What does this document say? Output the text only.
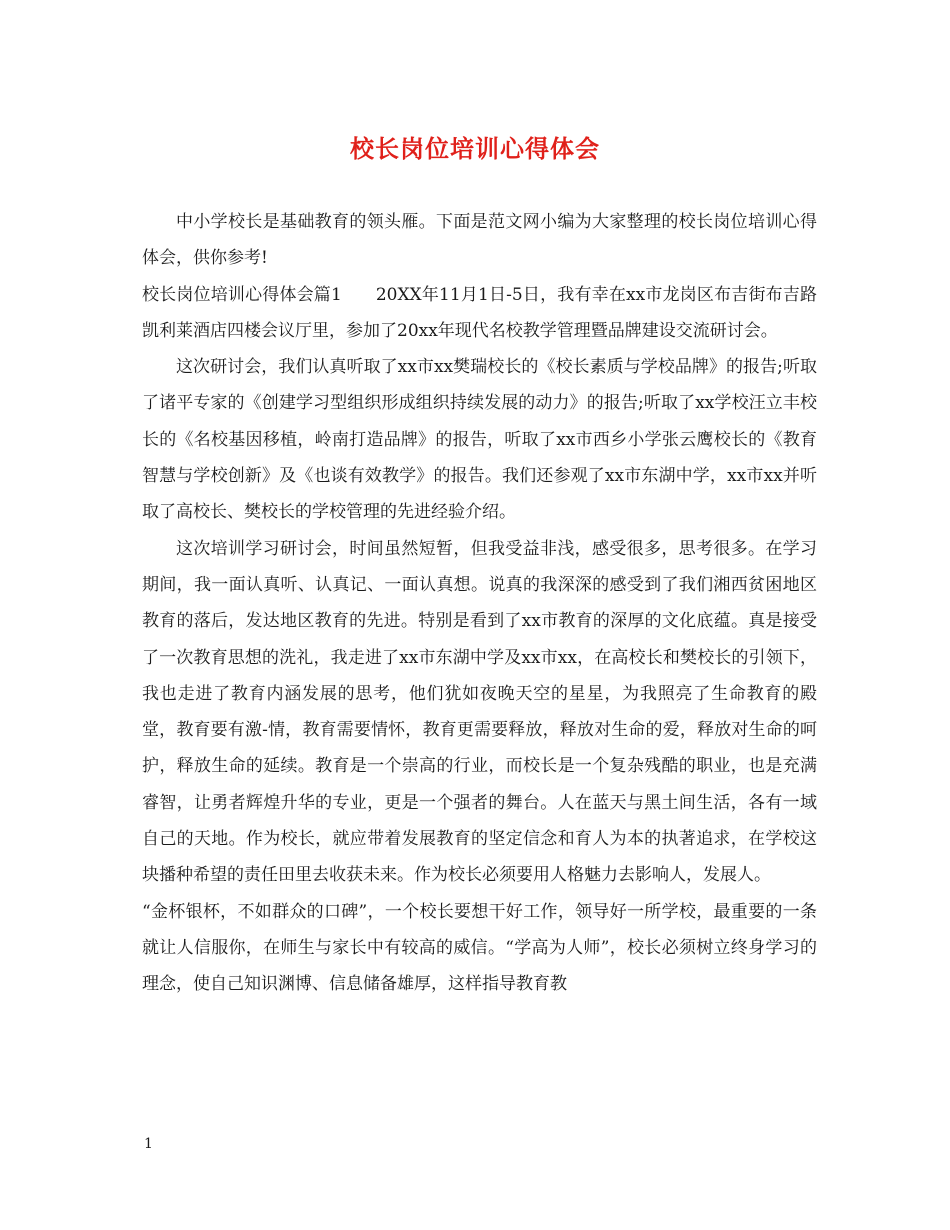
校长岗位培训心得体会

中小学校长是基础教育的领头雁。下面是范文网小编为大家整理的校长岗位培训心得体会，供你参考!

校长岗位培训心得体会篇1 20XX年11月1日-5日，我有幸在xx市龙岗区布吉街布吉路凯利莱酒店四楼会议厅里，参加了20xx年现代名校教学管理暨品牌建设交流研讨会。

这次研讨会，我们认真听取了xx市xx樊瑞校长的《校长素质与学校品牌》的报告;听取了诸平专家的《创建学习型组织形成组织持续发展的动力》的报告;听取了xx学校汪立丰校长的《名校基因移植，岭南打造品牌》的报告，听取了xx市西乡小学张云鹰校长的《教育智慧与学校创新》及《也谈有效教学》的报告。我们还参观了xx市东湖中学，xx市xx并听取了高校长、樊校长的学校管理的先进经验介绍。

这次培训学习研讨会，时间虽然短暂，但我受益非浅，感受很多，思考很多。在学习期间，我一面认真听、认真记、一面认真想。说真的我深深的感受到了我们湘西贫困地区教育的落后，发达地区教育的先进。特别是看到了xx市教育的深厚的文化底蕴。真是接受了一次教育思想的洗礼，我走进了xx市东湖中学及xx市xx，在高校长和樊校长的引领下，我也走进了教育内涵发展的思考，他们犹如夜晚天空的星星，为我照亮了生命教育的殿堂，教育要有激-情，教育需要情怀，教育更需要释放，释放对生命的爱，释放对生命的呵护，释放生命的延续。教育是一个崇高的行业，而校长是一个复杂残酷的职业，也是充满睿智，让勇者辉煌升华的专业，更是一个强者的舞台。人在蓝天与黑土间生活，各有一域自己的天地。作为校长，就应带着发展教育的坚定信念和育人为本的执著追求，在学校这块播种希望的责任田里去收获未来。作为校长必须要用人格魅力去影响人，发展人。

“金杯银杯，不如群众的口碑”，一个校长要想干好工作，领导好一所学校，最重要的一条就让人信服你，在师生与家长中有较高的威信。“学高为人师”，校长必须树立终身学习的理念，使自己知识渊博、信息储备雄厚，这样指导教育教

1
